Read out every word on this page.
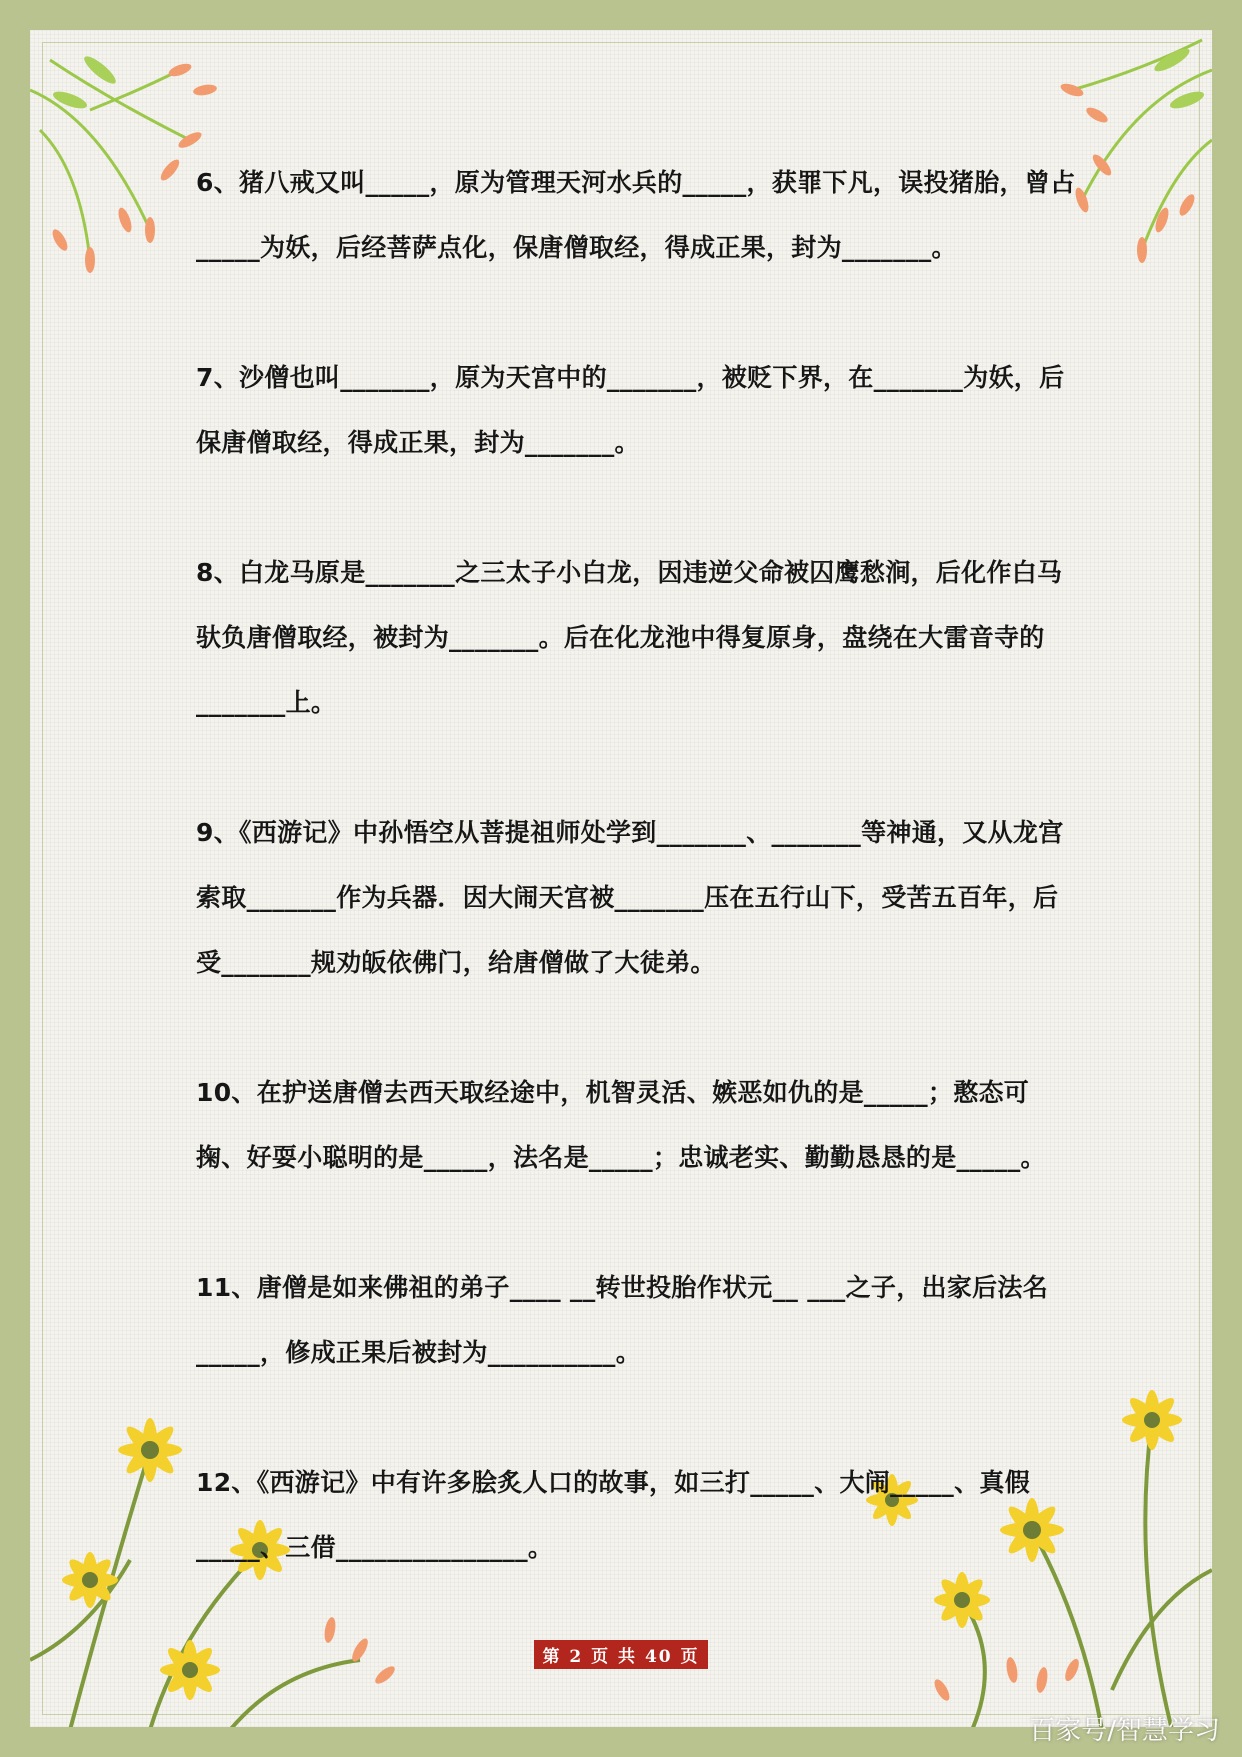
6、猪八戒又叫_____，原为管理天河水兵的_____，获罪下凡，误投猪胎，曾占_____为妖，后经菩萨点化，保唐僧取经，得成正果，封为_______。

7、沙僧也叫_______，原为天宫中的_______，被贬下界，在_______为妖，后保唐僧取经，得成正果，封为_______。

8、白龙马原是_______之三太子小白龙，因违逆父命被囚鹰愁涧，后化作白马驮负唐僧取经，被封为_______。后在化龙池中得复原身，盘绕在大雷音寺的_______上。

9、《西游记》中孙悟空从菩提祖师处学到_______、_______等神通，又从龙宫索取_______作为兵器．因大闹天宫被_______压在五行山下，受苦五百年，后受_______规劝皈依佛门，给唐僧做了大徒弟。

10、在护送唐僧去西天取经途中，机智灵活、嫉恶如仇的是_____；憨态可掬、好耍小聪明的是_____，法名是_____；忠诚老实、勤勤恳恳的是_____。

11、唐僧是如来佛祖的弟子____ __转世投胎作状元__ ___之子，出家后法名_____，修成正果后被封为__________。

12、《西游记》中有许多脍炙人口的故事，如三打_____、大闹_____、真假_____、三借_______________。

第 2 页 共 40 页
百家号/智慧学习
